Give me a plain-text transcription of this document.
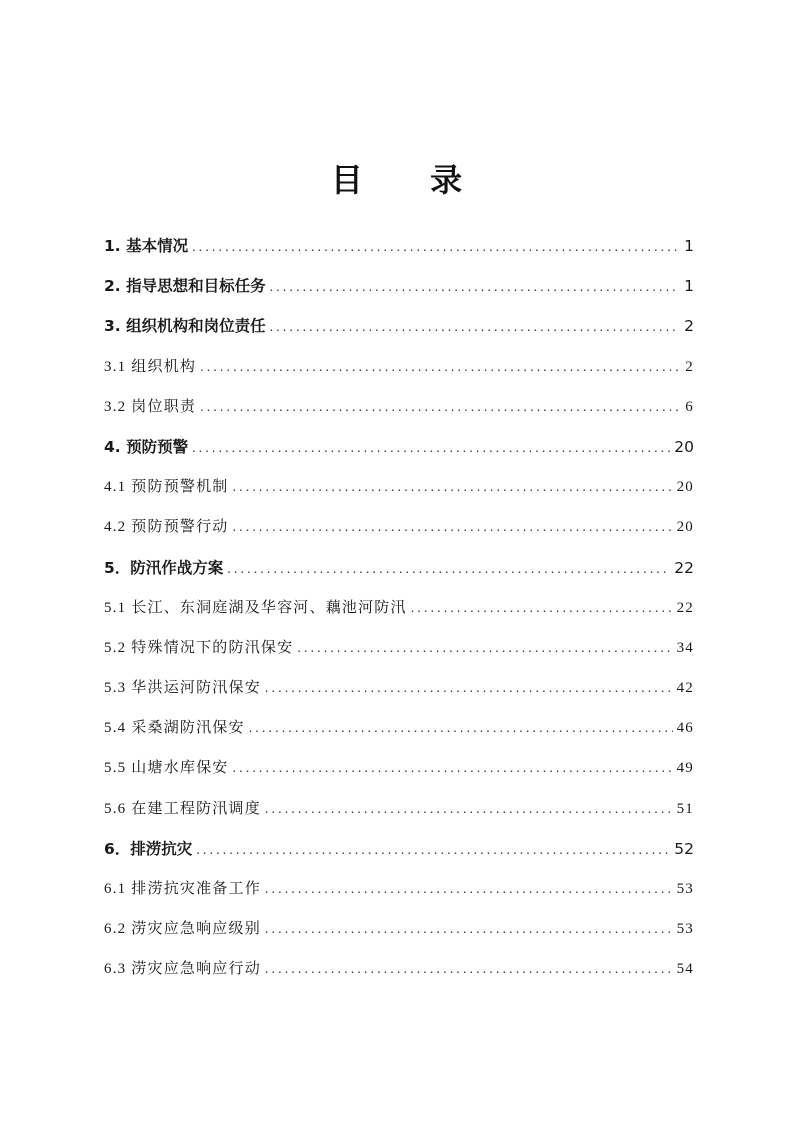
目 录
1. 基本情况 .....	1
2. 指导思想和目标任务 .....	1
3. 组织机构和岗位责任 .....	2
3.1 组织机构 .....	2
3.2 岗位职责 .....	6
4. 预防预警 .....	20
4.1 预防预警机制 .....	20
4.2 预防预警行动 .....	20
5．防汛作战方案 .....	22
5.1 长江、东洞庭湖及华容河、藕池河防汛 .....	22
5.2 特殊情况下的防汛保安 .....	34
5.3 华洪运河防汛保安 .....	42
5.4 采桑湖防汛保安 .....	46
5.5 山塘水库保安 .....	49
5.6 在建工程防汛调度 .....	51
6．排涝抗灾 .....	52
6.1 排涝抗灾准备工作 .....	53
6.2 涝灾应急响应级别 .....	53
6.3 涝灾应急响应行动 .....	54
